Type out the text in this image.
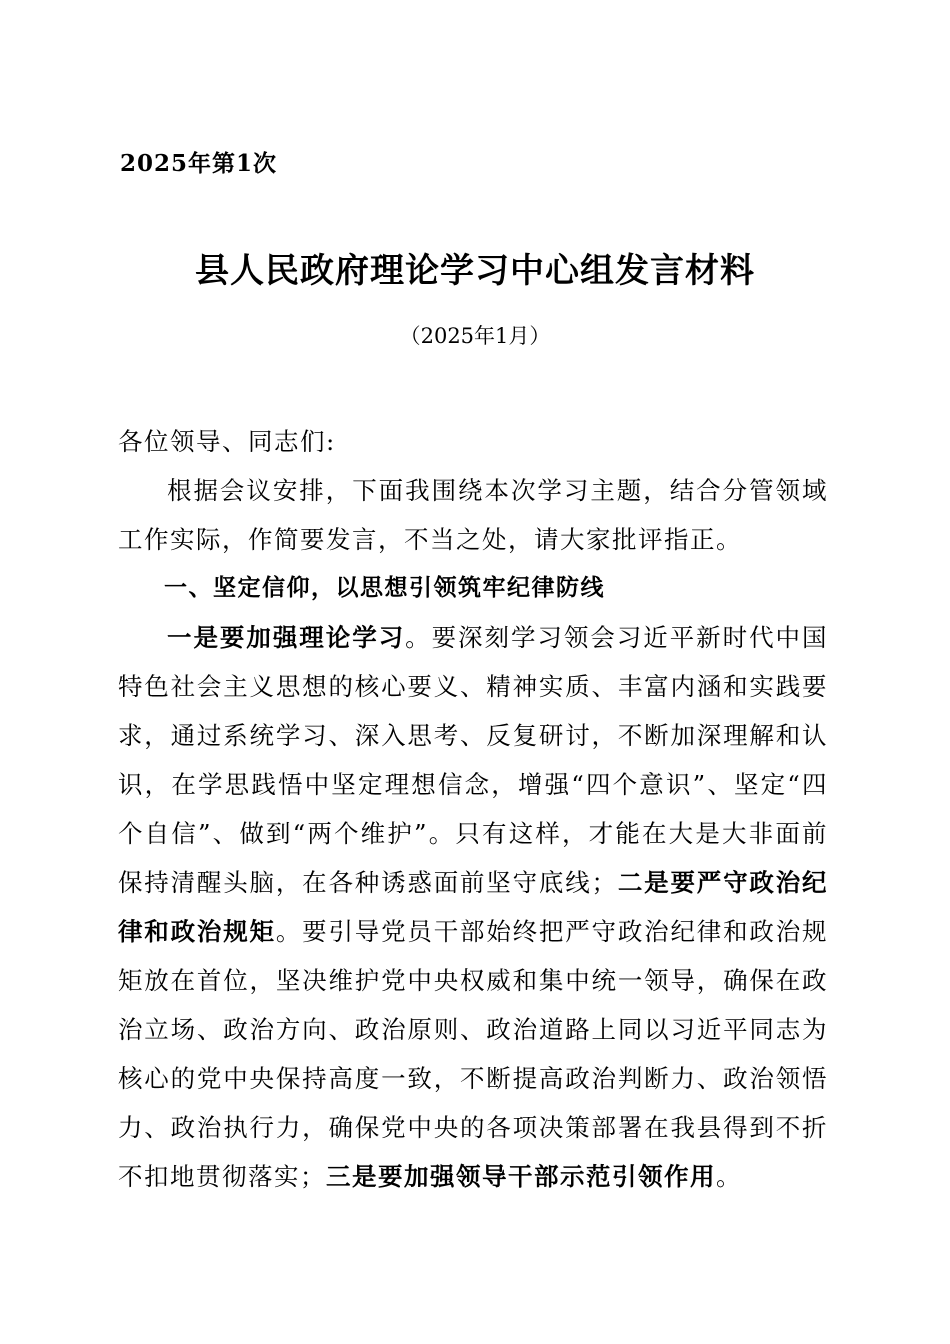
2025年第1次
县人民政府理论学习中心组发言材料
（2025年1月）

各位领导、同志们:

根据会议安排，下面我围绕本次学习主题，结合分管领域工作实际，作简要发言，不当之处，请大家批评指正。

一、坚定信仰，以思想引领筑牢纪律防线

一是要加强理论学习。要深刻学习领会习近平新时代中国特色社会主义思想的核心要义、精神实质、丰富内涵和实践要求，通过系统学习、深入思考、反复研讨，不断加深理解和认识，在学思践悟中坚定理想信念，增强“四个意识”、坚定“四个自信”、做到“两个维护”。只有这样，才能在大是大非面前保持清醒头脑，在各种诱惑面前坚守底线；二是要严守政治纪律和政治规矩。要引导党员干部始终把严守政治纪律和政治规矩放在首位，坚决维护党中央权威和集中统一领导，确保在政治立场、政治方向、政治原则、政治道路上同以习近平同志为核心的党中央保持高度一致，不断提高政治判断力、政治领悟力、政治执行力，确保党中央的各项决策部署在我县得到不折不扣地贯彻落实；三是要加强领导干部示范引领作用。
